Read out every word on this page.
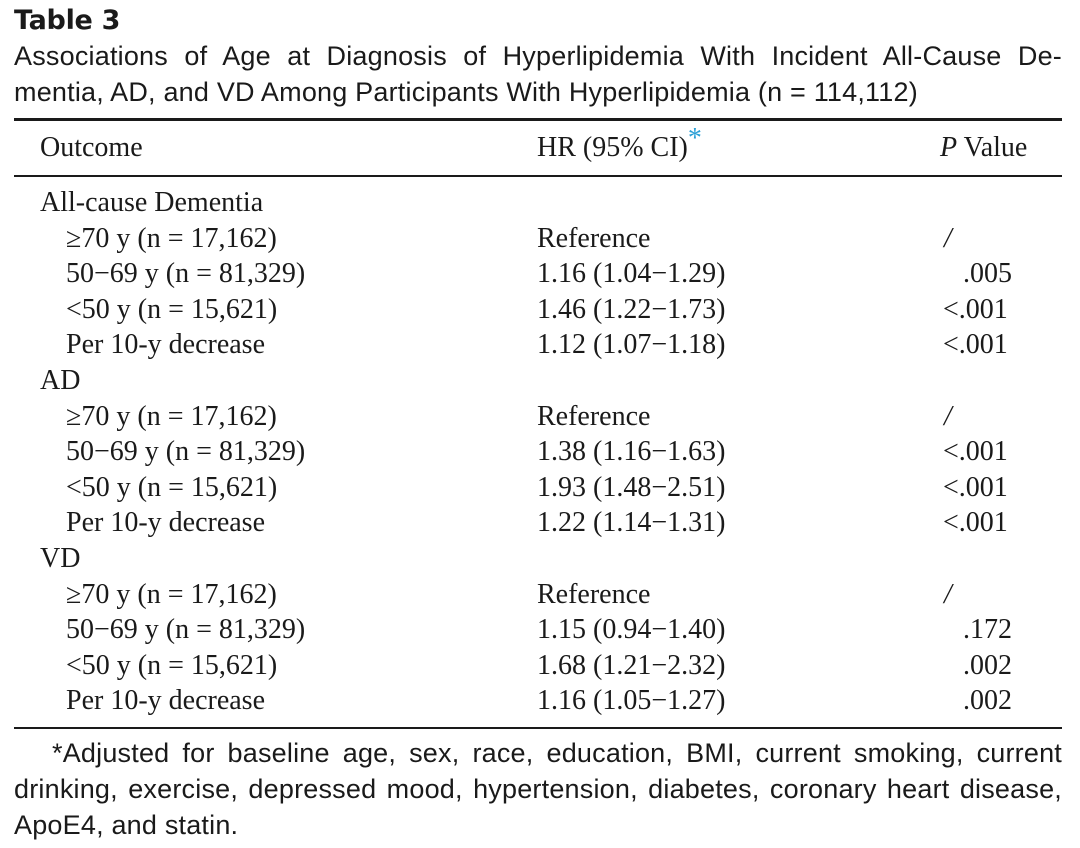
Table 3

Associations of Age at Diagnosis of Hyperlipidemia With Incident All-Cause De-
mentia, AD, and VD Among Participants With Hyperlipidemia (n = 114,112)

Outcome	HR (95% CI)*	P Value
All-cause Dementia
≥70 y (n = 17,162)	Reference	/
50−69 y (n = 81,329)	1.16 (1.04−1.29)	.005
<50 y (n = 15,621)	1.46 (1.22−1.73)	<.001
Per 10-y decrease	1.12 (1.07−1.18)	<.001
AD
≥70 y (n = 17,162)	Reference	/
50−69 y (n = 81,329)	1.38 (1.16−1.63)	<.001
<50 y (n = 15,621)	1.93 (1.48−2.51)	<.001
Per 10-y decrease	1.22 (1.14−1.31)	<.001
VD
≥70 y (n = 17,162)	Reference	/
50−69 y (n = 81,329)	1.15 (0.94−1.40)	.172
<50 y (n = 15,621)	1.68 (1.21−2.32)	.002
Per 10-y decrease	1.16 (1.05−1.27)	.002

*Adjusted for baseline age, sex, race, education, BMI, current smoking, current
drinking, exercise, depressed mood, hypertension, diabetes, coronary heart disease,
ApoE4, and statin.
